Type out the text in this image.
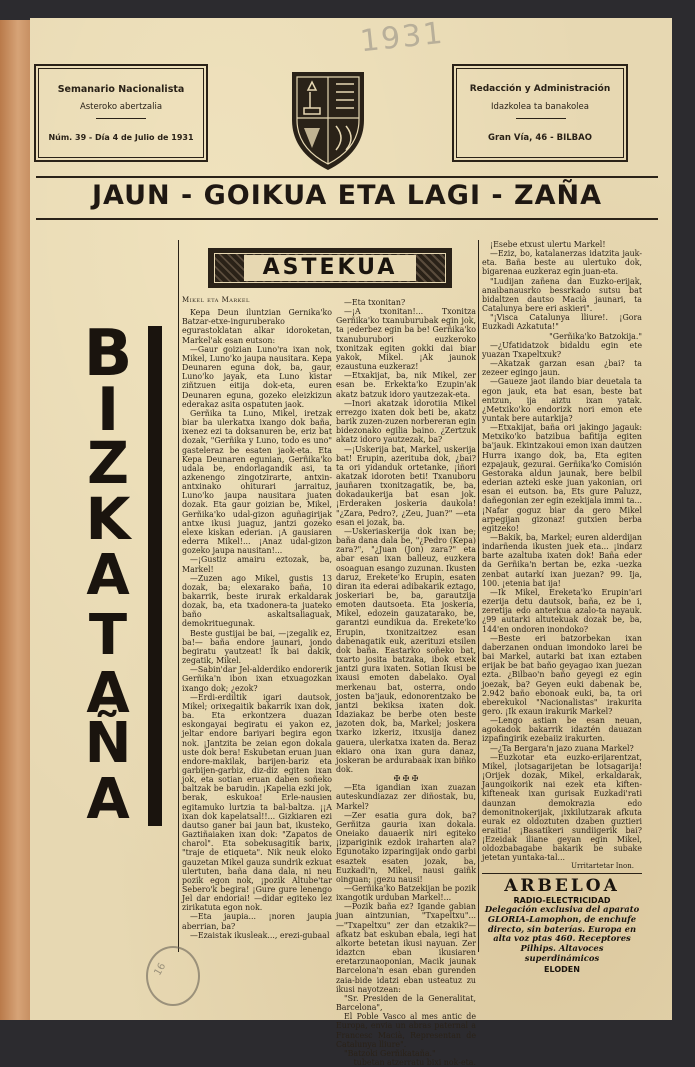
1931
Semanario Nacionalista
Asteroko abertzalia
Núm. 39 - Día 4 de Julio de 1931
Redacción y Administración
Idazkolea ta banakolea
Gran Vía, 46 - BILBAO
JAUN - GOIKUA ETA LAGI - ZAÑA
B
I
Z
K
A
T
A
Ñ
A
ASTEKUA

Mikel eta Markel

Kepa Deun iluntzian Gernika'ko Batzar-etxe-inguruberako egurastoklatan alkar idoroketan, Markel'ak esan eutson:

—Gaur goizian Luno'ra ixan nok, Mikel, Luno'ko jaupa nausitara. Kepa Deunaren eguna dok, ba, gaur, Luno'ko jayak, eta Luno kistar ziñtzuen eitija dok-eta, euren Deunaren eguna, gozeko eleizkizun ederakaz asita ospatuten jaok.

Gerñika ta Luno, Mikel, iretzak biar ba ulerkatxa ixango dok baña, ixenez ezi ta doksanuren be, eriz bat dozak, "Gerñika y Luno, todo es uno" gasteleraz be esaten jaok-eta. Eta Kepa Deunaren egunian, Gerñika'ko udala be, endorlagandik asi, ta azkenengo zingotzirarte, antxin-antxinako ohiturari jarraituz, Luno'ko jaupa nausitara juaten dozak. Eta gaur goizian be, Mikel, Gerñika'ko udal-gizon aguñagirijak antxe ikusi juaguz, jantzi gozeko elexe kiskan ederian. ¡A gausiaren ederra Mikel!... ¡Anaz udal-gizon gozeko jaupa nausitan!...

—¡Gustiz amairu eztozak, ba, Markel!

—Zuzen ago Mikel, gustis 13 dozak, ba; elexarako baña, 10 bakarrik, beste irurak erkaldarak dozak, ba, eta txadonera-ta juateko baño askaltsaliaguak, demokrituegunak.

Beste gustijai be bai, —¡zegalik ez, ba!— baña endore jaunari, jondo begiratu yautzeat! Ik bai dakik, zegatik, Mikel.

—Sabin'dar Jel-alderdiko endorerik Gerñika'n ibon ixan etxuagozkan ixango dok; ¿ezok?

—Erdi-erdiltik igari dautsok, Mikel; orixegaitik bakarrik ixan dok, ba. Eta erkontzera duazan eskongayai begiratu ei yakon ez, jeltar endore bariyari begira egon nok. ¡Jantzita be zeian egon dokala uste dok bera! Eskubetan eruan juan endore-makilak, barijen-bariz eta garbijen-garbiz, diz-diz egiten ixan jok, eta sotian eruan daben soñeko baltzak be barudin. ¡Kapelia ezki jok, berak, eskukoa! Erle-nausien egitamuko lurtzia ta bal-baltza. ¡¡A ixan dok kapelatsal!!... Gizkiaren ezi dautso ganer bai jaun bat, ikusteko, Gaztiñaiaken ixan dok: "Zapatos de charol". Eta sobekusagitik barix, "traje de etiqueta". Nik neuk eloko gauzetan Mikel gauza sundrik ezkuat ulertuten, baña dana dala, ni neu pozik egon nok, ¡pozik Altube'tar Sebero'k begira! ¡Gure gure lenengo Jel dar endoriai! —didar egiteko lez zirikatuta egon nok.

—Eta jaupia... ¡noren jaupia aberrian, ba?

—Ezaistak ikusleak..., erezi-gubaal

—Eta txonitan?

—¡A txonitan!... Txonitza Gerñika'ko txanuburubak egin jok, ta ¡ederbez egin ba be! Gerñika'ko txanuburubori euzkeroko txonitzak egiten gokki dai biar yakok, Mikel. ¡Ak jaunok ezaustuna euzkeraz!

—Etxakijat, ba, nik Mikel, zer esan be. Erkekta'ko Ezupin'ak akatz batzuk idoro yautzezak-eta.

—Inori akatzak idorotiia Mikel errezgo ixaten dok beti be, akatz barik zuzen-zuzen norbereran egin bidezonako egilia baino. ¿Zertzuk akatz idoro yautzezak, ba?

—¡Uskerija bat, Markel, uskerija bat! Erupin, azerituba dok, ¿bai? ta ori yidanduk ortetanke, ¡iñori akatzak idoroten beti! Txanuboru jauñaren txonitzagatik, be, ba, dokadaukerija bat esan jok. ¡Erderaken joskeria daukola! "¿Zara, Pedro?, ¿Zeu, Juan?" —eta esan ei jozak, ba.

—Uskeriaskerija dok ixan be; baña dana dala be, "¿Pedro (Kepa) zara?", "¿Juan (Jon) zara?" eta abar esan ixan balleuz, euzkera osoaguan esango zuzunan. Ikusten daruz, Erekete'ko Erupin, esaten diran ita ederai adibakarik eztago, joskeriari be, ba, garautzija emoten dautsoeta. Eta joskeria, Mikel, edozein gauzatarako, be, garantzi eundikua da. Erekete'ko Erupin, txonitzaitzez esan dabenagatik euk, azerituzi etsilen dok baña. Eastarko soñeko bat, txarto josita batzaka, ibok etxek jantzi gura ixaten. Sotian Ikusi be ixausi emoten dabelako. Oyal merkenau bat, osterra, ondo josten ba'jauk, edonorentzako be jantzi bekiksa ixaten dok. Idaziakaz be berbe oten beste jazoten dok, ba, Markel; joskera txarko izkeriz, itxusija danez gauera, ulerkatxa ixaten da. Beraz ekiaro ona ixan gura danaz, joskeran be ardurabaak ixan biñko dok.

✠ ✠ ✠

—Eta igandian ixan zuazan auteskundiazaz zer diñostak, bu, Markel?

—Zer esatia gura dok, ba? Gerñitza gauria ixan dokala. Oneiako dauaerik niri egiteko ¡izpariginik ezdok iraharten ala? Egunotako izparingijak ondo garbi esaztek esaten jozak, ba, Euzkadi'n, Mikel, nausi gaiñk oinguan; ¡gezu nausi!

—Gerñika'ko Batzekijan be pozik ixangotik urduban Markel!...

—Pozik baña ez? Igande gabian juan aintzunian, "Txapeltxu"... —"Txapeltxu" zer dan etzakik?— afkatz bat eskuban ebala, iegi hat alkorte betetan ikusi nayuan. Zer idaztcn eban ikusiaren eretarzunaoponian, Macik jaunak Barcelona'n esan eban gurenden zaia-bide idatzi eban usteatuz zu ikusi nayotzean:

"Sr. Presiden de la Generalitat, Barcelona",

El Poble Vasco al mes antic de Europa, envia un abras paternal a Francesc Macià, Representan de Catalunya lliure".

"Batzoki Gerñikataña."

tubetan atzerratu bixi nok-eta.

¡Esebe etxust ulertu Markel!

—Eziz, bo, katalanerzas idatzita jauk-eta. Baña beste au ulertuko dok, bigarenaa euzkeraz egin juan-eta.

"Ludijan zañena dan Euzko-erijak, anaibanausrko bessrkado sutsu bat bidaltzen dautso Macià jaunari, ta Catalunya bere eri askieri".

"¡Visca Catalunya lliure!. ¡Gora Euzkadi Azkatuta!"

"Gerñika'ko Batzokija."

—¿Ufatidatzok bidaldu egin ete yuazan Txapeltxuk?

—Akatzak garzan esan ¿bai? ta zezeer egingo jaun.

—Gaueze jaot ilando biar deuetala ta egon jauk, eta bat esan, beste bat entzun, ija aiztu ixan yatak. ¿Metxiko'ko endorizk nori emon ete yuntak bere autarkija?

—Etxakijat, baña ori jakingo jagauk: Metxiko'ko batzibua bafitija egiten ba'jauk. Ekintzakoui emon ixan dautzen Hurra ixango dok, ba, Eta egiten ezpajauk, gezurai. Gerñika'ko Comisión Gestoraka aldun jaunak, bere belbil ederian azteki eske juan yakonian, ori esan ei eutson. ba, Ets gure Paluzz, dañegonian zer egin ezekijala immi ta... ¡Nafar goguz biar da gero Mikel arpegijan gizonaz! gutxien berba egitzeko!

—Bakik, ba, Markel; euren alderdijan indarñenda ikusten juek eta... ¡indarz barte azaltuba ixaten dok! Baña eder da Gerñika'n bertan be, ezka -uezka zenbat autarkí ixan juezan? 99. Ija, 100. ¡etenia bat ija!

—Ik Mikel, Ereketa'ko Erupin'ari ezerija detu dautsok, baña, ez be i, zeretija edo anterkua azalo-ta nayauk. ¿99 autarki altutekuak dozak be, ba, 144'en ondoren inondoko?

—Beste eri batzorbekan ixan daberzanen onduan imondoko larei be bai Markel, autarki bat ixan eztaben erijak be bat baño geyagao ixan juezan ezta. ¿Bilbao'n baño geyegi ez egin joezak, ba? Geyen euki dabenak be, 2.942 baño ebonoak euki, ba, ta ori eberekukol "Nacionalistas" irakurita gero. ¡Ik exaun irakurik Markel?

—Lengo astian be esan neuan, agokadok bakarrik idaztén dauazan izpafingirik ezebaiiz irakurten.

—¿Ta Bergara'n jazo zuana Markel?

—Euzkotar eta euzko-erijarentzat, Mikel, ¡lotsagarijetan be lotsagarija! ¡Orijek dozak, Mikel, erkaldarak, Jaungoikorik nai ezek eta kiften-kifteneak ixan gurisak Euzkadi'rati daunzan demokrazia edo demonitnokerijak, ¡ixkilutzarak afkuta eurak ez oldoztuten dzaben guztieri eraitia! ¡Basatikeri sundiigerik bai? ¡Ezeidak iliane geyan egin Mikel, oldozbabagabe bakarik be subake jetetan yuntaka-tal...

Urritartetar Inon.
ARBELOA
RADIO-ELECTRICIDAD
Delegación exclusiva del aparato GLORIA-Lamophon, de enchufe directo, sin baterías. Europa en alta voz ptas 460. Receptores Pilhips. Altavoces superdinámicos
ELODEN
16
